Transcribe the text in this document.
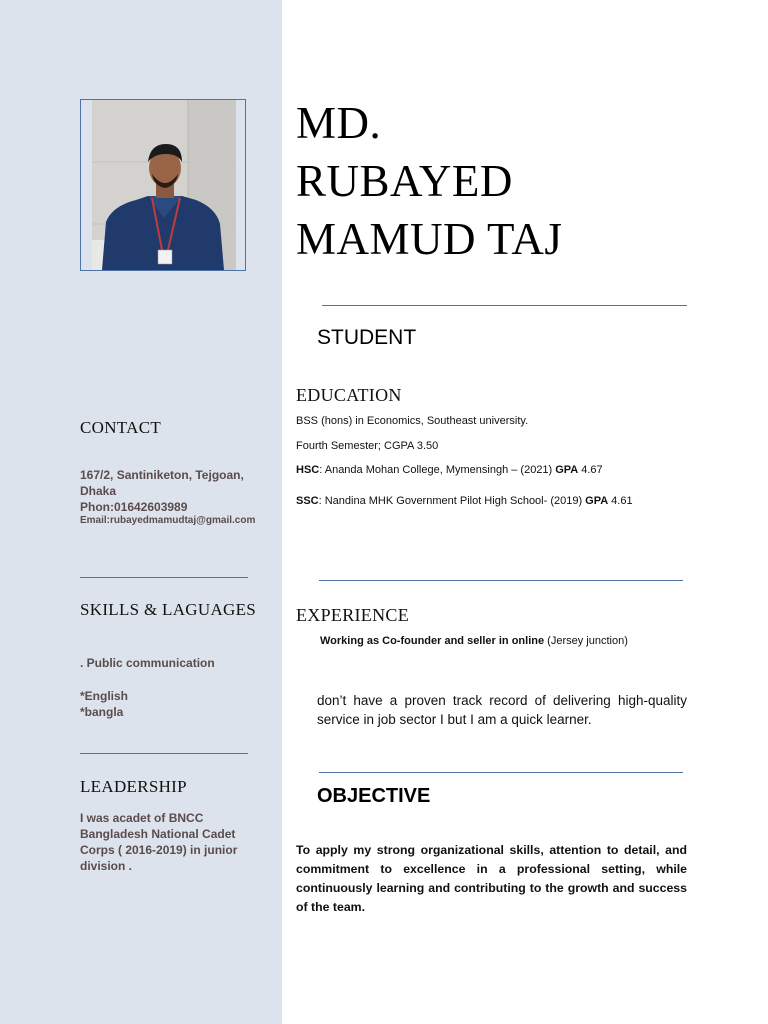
MD.
RUBAYED
MAMUD TAJ
STUDENT
EDUCATION
BSS (hons) in Economics, Southeast university.
Fourth Semester; CGPA 3.50
HSC: Ananda Mohan College, Mymensingh – (2021) GPA 4.67
SSC: Nandina MHK Government Pilot High School- (2019) GPA 4.61
EXPERIENCE
Working as Co-founder and seller in online (Jersey junction)
don’t have a proven track record of delivering high-quality service in job sector I but I am a quick learner.
OBJECTIVE
To apply my strong organizational skills, attention to detail, and commitment to excellence in a professional setting, while continuously learning and contributing to the growth and success of the team.
CONTACT
167/2, Santiniketon, Tejgoan,
Dhaka
Phon:01642603989
Email:rubayedmamudtaj@gmail.com
SKILLS & LAGUAGES
. Public communication
*English
*bangla
LEADERSHIP
I was acadet of BNCC
Bangladesh National Cadet
Corps ( 2016-2019) in junior
division .
